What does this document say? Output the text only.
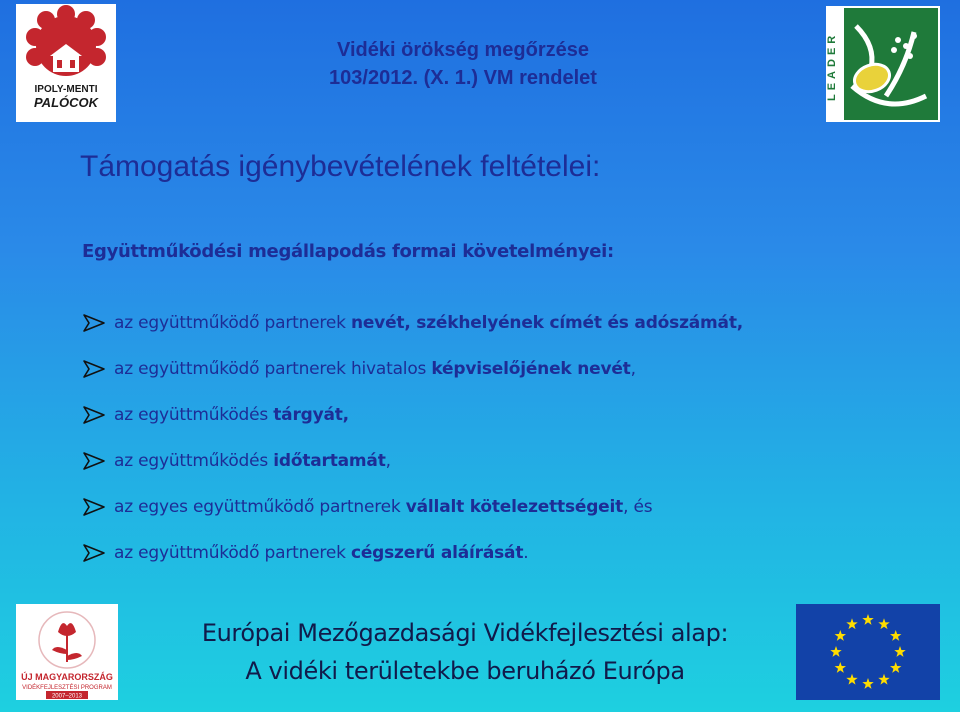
IPOLY-MENTI
PALÓCOK
Vidéki örökség megőrzése
103/2012. (X. 1.) VM rendelet	LEADER
Támogatás igénybevételének feltételei:
Együttműködési megállapodás formai követelményei:
az együttműködő partnerek nevét, székhelyének címét és adószámát,
az együttműködő partnerek hivatalos képviselőjének nevét ,
az együttműködés tárgyát,
az együttműködés időtartamát ,
az egyes együttműködő partnerek vállalt kötelezettségeit , és
az együttműködő partnerek cégszerű aláírását .
ÚJ MAGYARORSZÁG
VIDÉKFEJLESZTÉSI PROGRAM
2007–2013
Európai Mezőgazdasági Vidékfejlesztési alap:
A vidéki területekbe beruházó Európa
